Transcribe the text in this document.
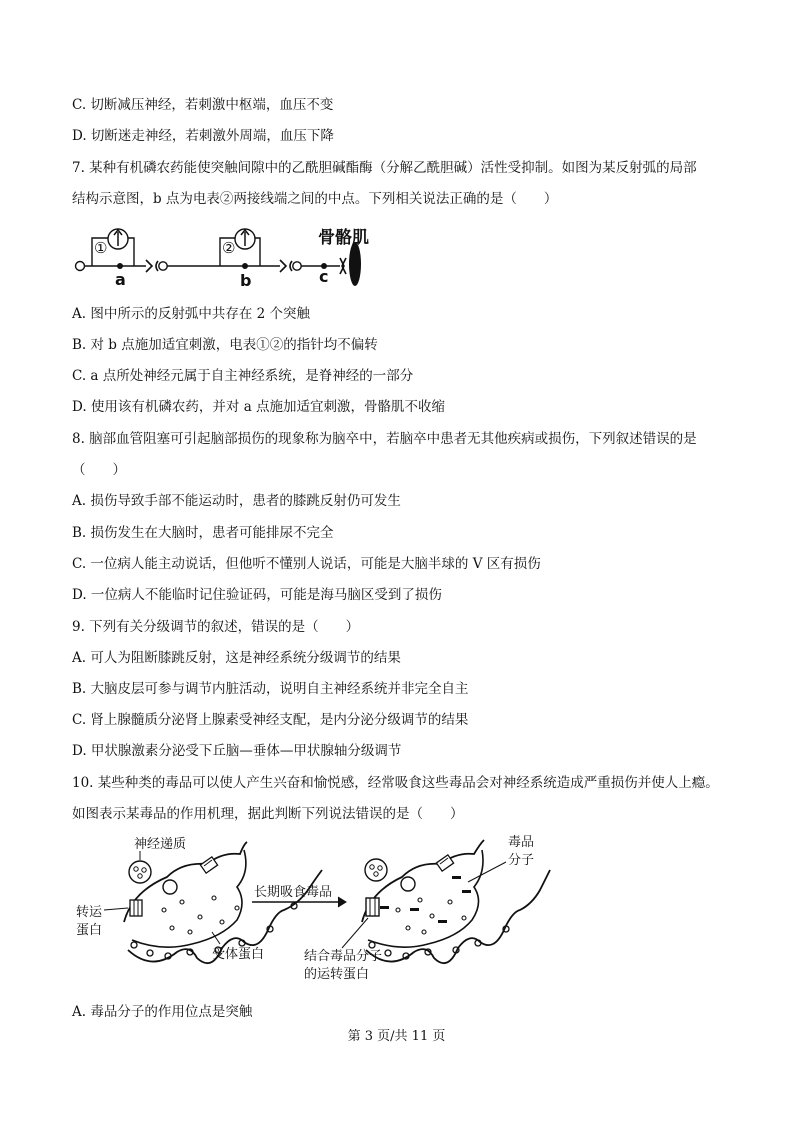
C. 切断减压神经，若刺激中枢端，血压不变
D. 切断迷走神经，若刺激外周端，血压下降
7. 某种有机磷农药能使突触间隙中的乙酰胆碱酯酶（分解乙酰胆碱）活性受抑制。如图为某反射弧的局部
结构示意图，b 点为电表②两接线端之间的中点。下列相关说法正确的是（　　）
①	②
a	b	c
骨骼肌
A. 图中所示的反射弧中共存在 2 个突触
B. 对 b 点施加适宜刺激，电表①②的指针均不偏转
C. a 点所处神经元属于自主神经系统，是脊神经的一部分
D. 使用该有机磷农药，并对 a 点施加适宜刺激，骨骼肌不收缩
8. 脑部血管阻塞可引起脑部损伤的现象称为脑卒中，若脑卒中患者无其他疾病或损伤，下列叙述错误的是
（　　）
A. 损伤导致手部不能运动时，患者的膝跳反射仍可发生
B. 损伤发生在大脑时，患者可能排尿不完全
C. 一位病人能主动说话，但他听不懂别人说话，可能是大脑半球的 V 区有损伤
D. 一位病人不能临时记住验证码，可能是海马脑区受到了损伤
9. 下列有关分级调节的叙述，错误的是（　　）
A. 可人为阻断膝跳反射，这是神经系统分级调节的结果
B. 大脑皮层可参与调节内脏活动，说明自主神经系统并非完全自主
C. 肾上腺髓质分泌肾上腺素受神经支配，是内分泌分级调节的结果
D. 甲状腺激素分泌受下丘脑—垂体—甲状腺轴分级调节
10. 某些种类的毒品可以使人产生兴奋和愉悦感，经常吸食这些毒品会对神经系统造成严重损伤并使人上瘾。
如图表示某毒品的作用机理，据此判断下列说法错误的是（　　）
神经递质
转运
蛋白
受体蛋白
长期吸食毒品
毒品
分子
结合毒品分子
的运转蛋白
A. 毒品分子的作用位点是突触
第 3 页/共 11 页
